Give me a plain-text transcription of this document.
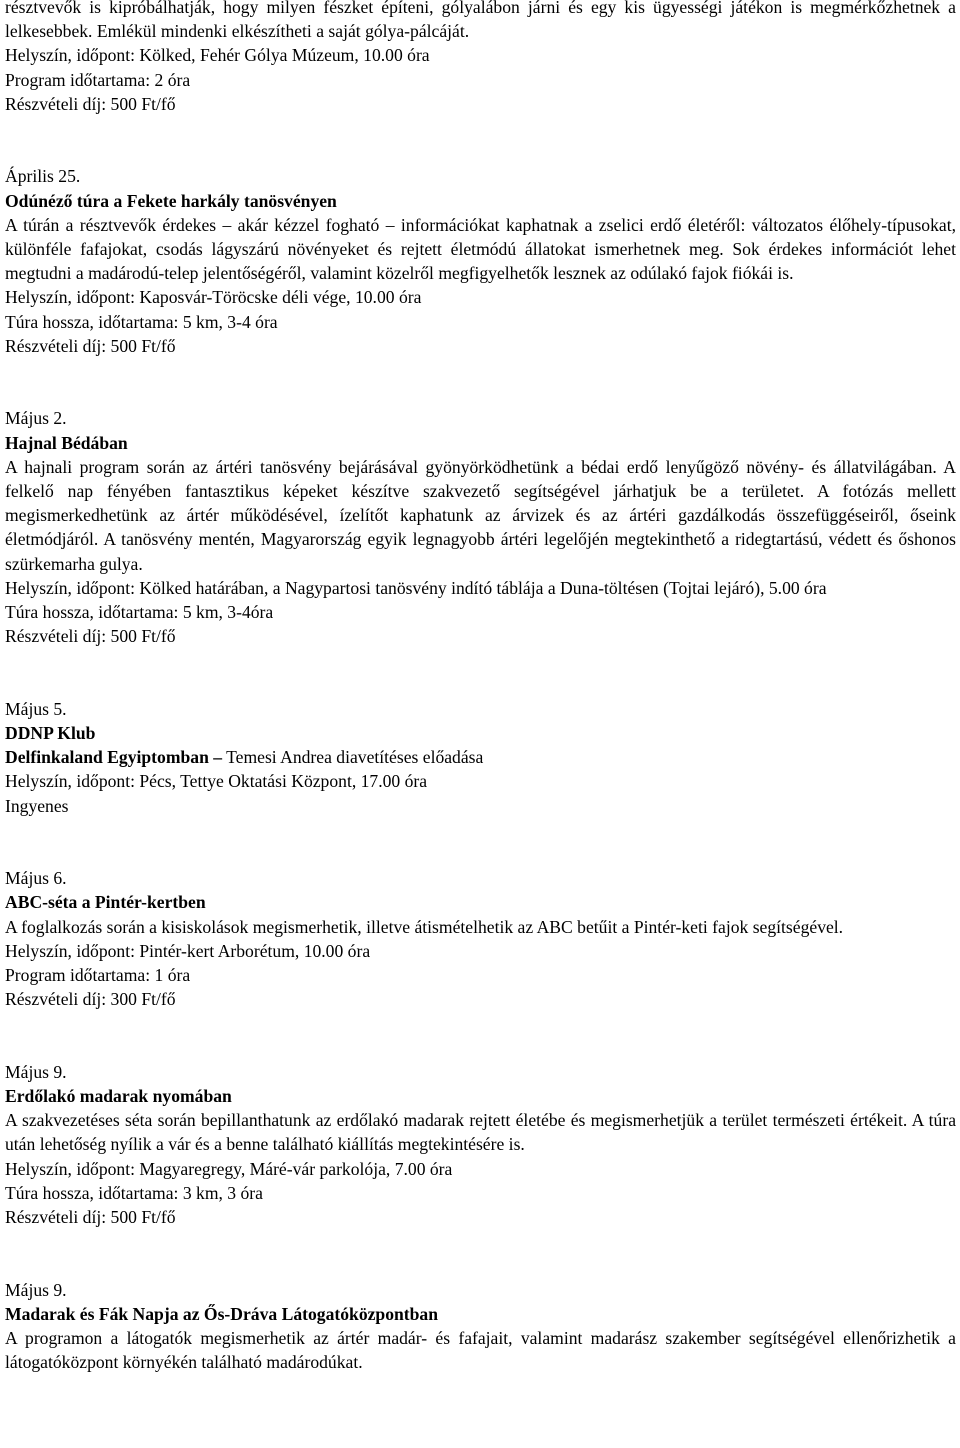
résztvevők is kipróbálhatják, hogy milyen fészket építeni, gólyalábon járni és egy kis ügyességi játékon is megmérkőzhetnek a lelkesebbek. Emlékül mindenki elkészítheti a saját gólya-pálcáját.

Helyszín, időpont: Kölked, Fehér Gólya Múzeum, 10.00 óra

Program időtartama: 2 óra

Részvételi díj: 500 Ft/fő

Április 25.

Odúnéző túra a Fekete harkály tanösvényen

A túrán a résztvevők érdekes – akár kézzel fogható – információkat kaphatnak a zselici erdő életéről: változatos élőhely-típusokat, különféle fafajokat, csodás lágyszárú növényeket és rejtett életmódú állatokat ismerhetnek meg. Sok érdekes információt lehet megtudni a madárodú-telep jelentőségéről, valamint közelről megfigyelhetők lesznek az odúlakó fajok fiókái is.

Helyszín, időpont: Kaposvár-Töröcske déli vége, 10.00 óra

Túra hossza, időtartama: 5 km, 3-4 óra

Részvételi díj: 500 Ft/fő

Május 2.

Hajnal Bédában

A hajnali program során az ártéri tanösvény bejárásával gyönyörködhetünk a bédai erdő lenyűgöző növény- és állatvilágában. A felkelő nap fényében fantasztikus képeket készítve szakvezető segítségével járhatjuk be a területet. A fotózás mellett megismerkedhetünk az ártér működésével, ízelítőt kaphatunk az árvizek és az ártéri gazdálkodás összefüggéseiről, őseink életmódjáról. A tanösvény mentén, Magyarország egyik legnagyobb ártéri legelőjén megtekinthető a ridegtartású, védett és őshonos szürkemarha gulya.

Helyszín, időpont: Kölked határában, a Nagypartosi tanösvény indító táblája a Duna-töltésen (Tojtai lejáró), 5.00 óra

Túra hossza, időtartama: 5 km, 3-4óra

Részvételi díj: 500 Ft/fő

Május 5.

DDNP Klub

Delfinkaland Egyiptomban – Temesi Andrea diavetítéses előadása

Helyszín, időpont: Pécs, Tettye Oktatási Központ, 17.00 óra

Ingyenes

Május 6.

ABC-séta a Pintér-kertben

A foglalkozás során a kisiskolások megismerhetik, illetve átismételhetik az ABC betűit a Pintér-keti fajok segítségével.

Helyszín, időpont: Pintér-kert Arborétum, 10.00 óra

Program időtartama: 1 óra

Részvételi díj: 300 Ft/fő

Május 9.

Erdőlakó madarak nyomában

A szakvezetéses séta során bepillanthatunk az erdőlakó madarak rejtett életébe és megismerhetjük a terület természeti értékeit. A túra után lehetőség nyílik a vár és a benne található kiállítás megtekintésére is.

Helyszín, időpont: Magyaregregy, Máré-vár parkolója, 7.00 óra

Túra hossza, időtartama: 3 km, 3 óra

Részvételi díj: 500 Ft/fő

Május 9.

Madarak és Fák Napja az Ős-Dráva Látogatóközpontban

A programon a látogatók megismerhetik az ártér madár- és fafajait, valamint madarász szakember segítségével ellenőrizhetik a látogatóközpont környékén található madárodúkat.
